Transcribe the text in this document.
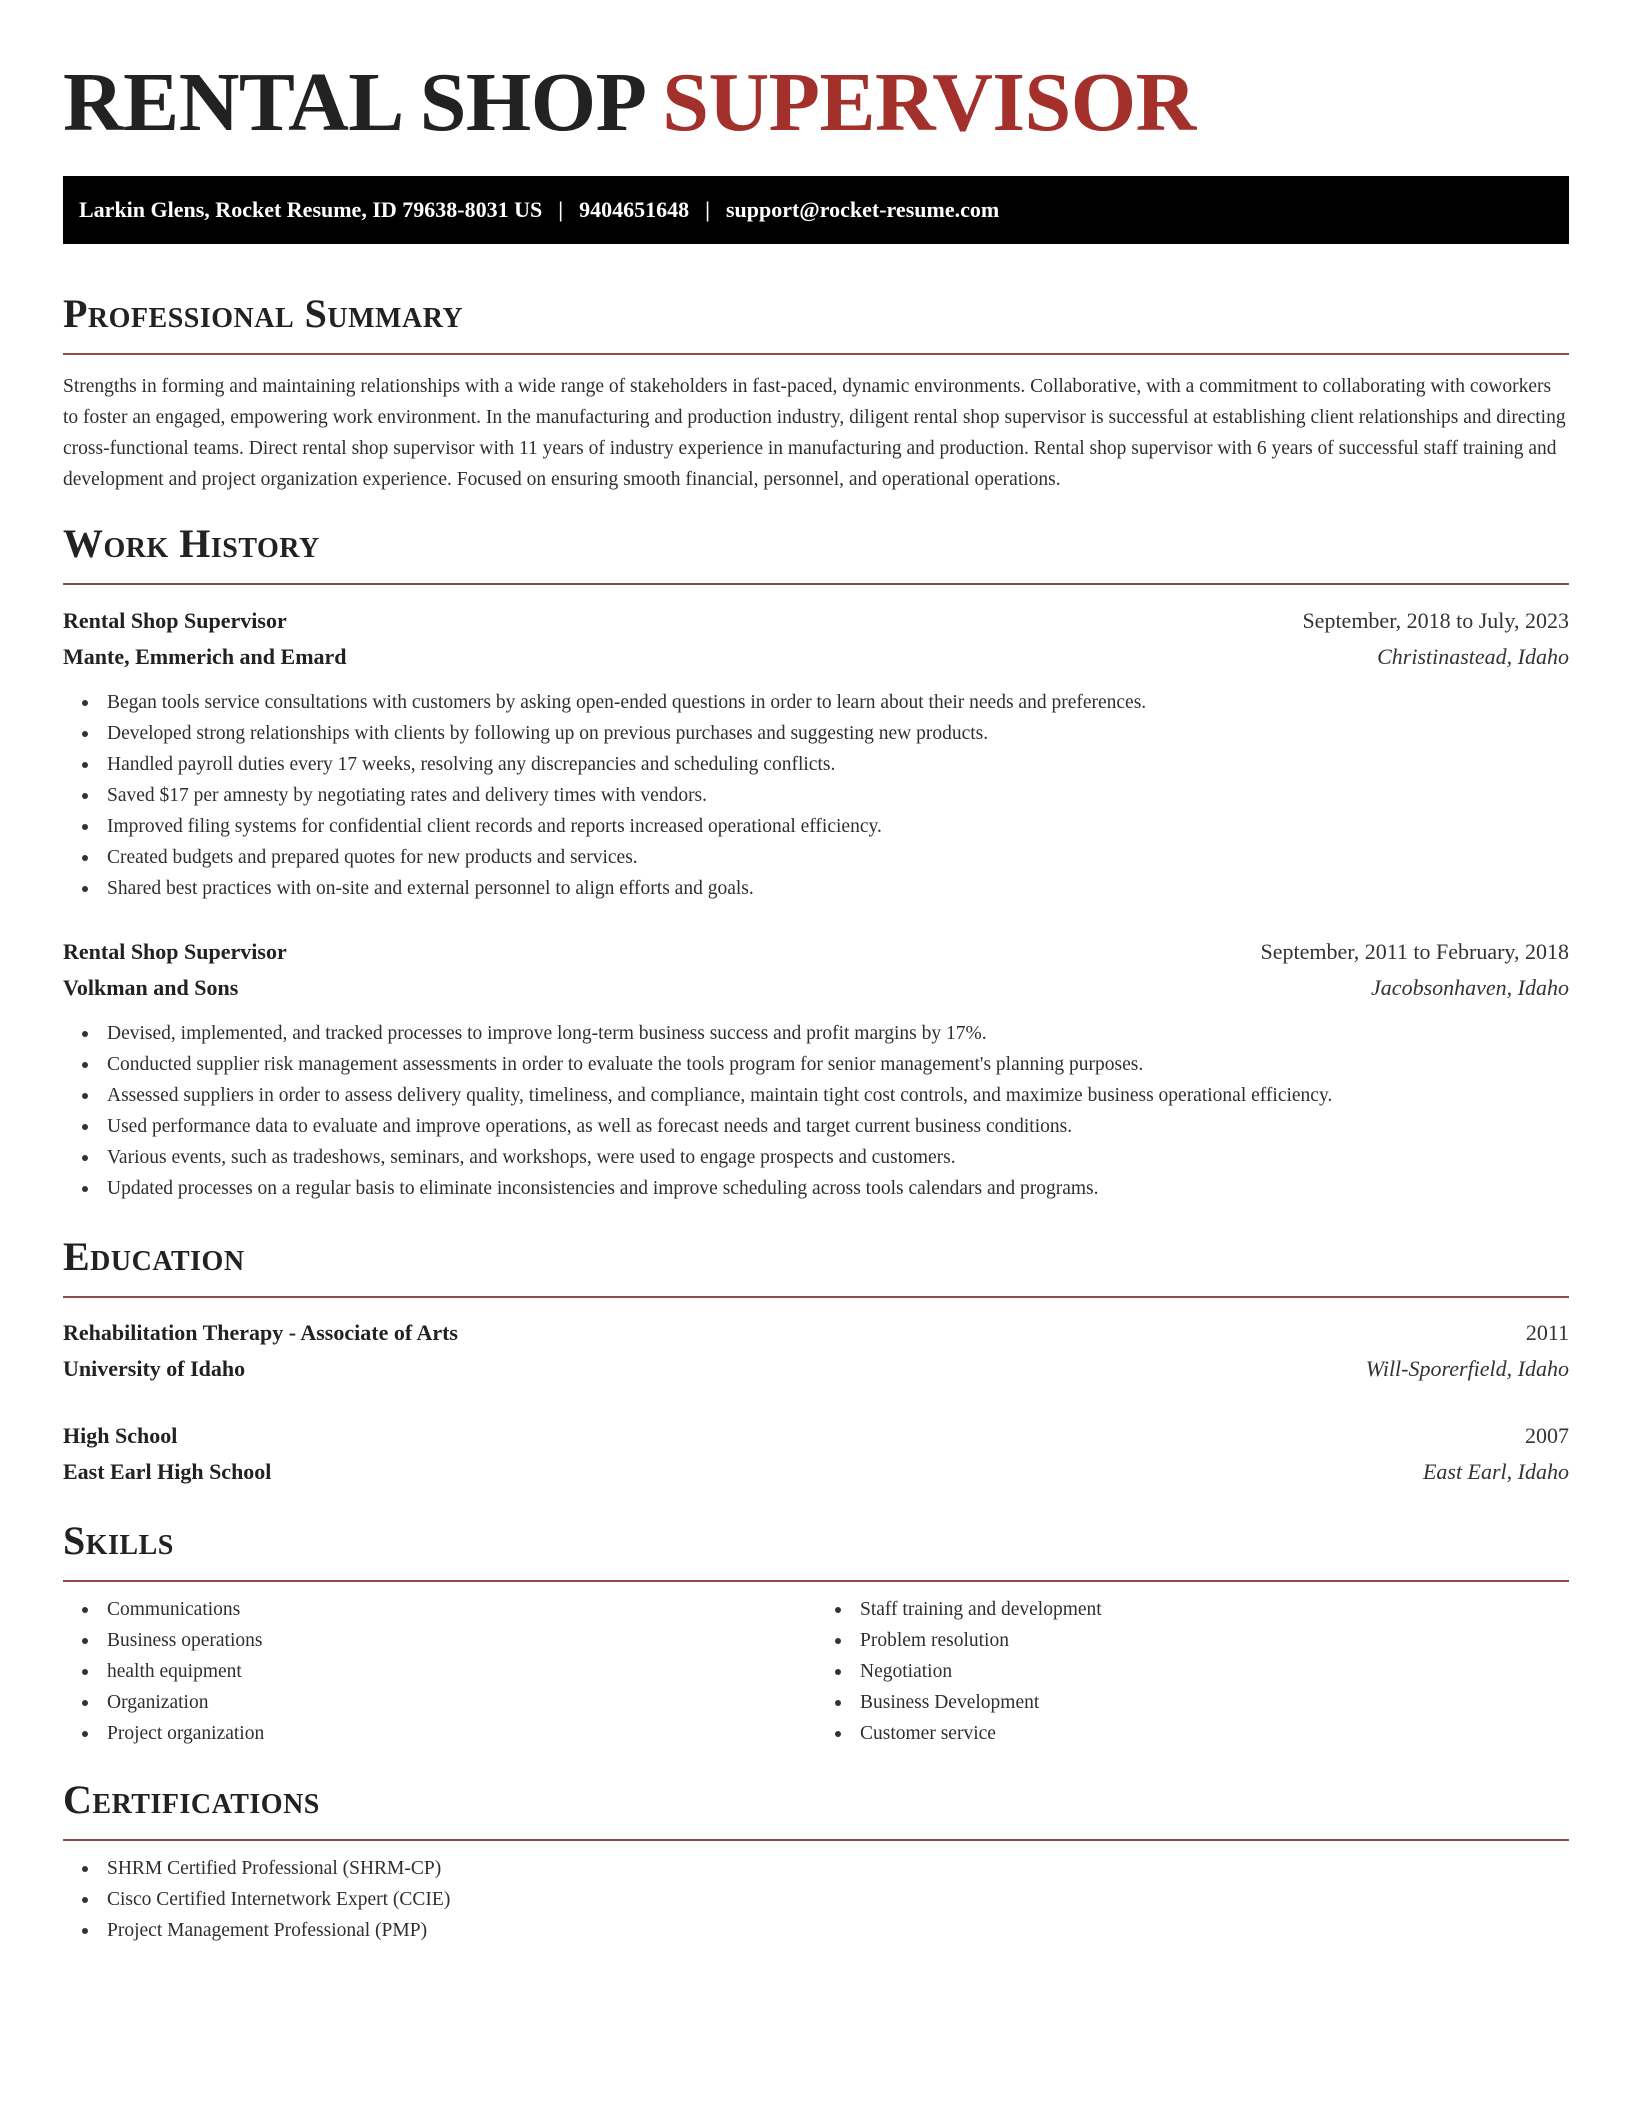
RENTAL SHOP SUPERVISOR
Larkin Glens, Rocket Resume, ID 79638-8031 US | 9404651648 | support@rocket-resume.com
Professional Summary

Strengths in forming and maintaining relationships with a wide range of stakeholders in fast-paced, dynamic environments. Collaborative, with a commitment to collaborating with coworkers to foster an engaged, empowering work environment. In the manufacturing and production industry, diligent rental shop supervisor is successful at establishing client relationships and directing cross-functional teams. Direct rental shop supervisor with 11 years of industry experience in manufacturing and production. Rental shop supervisor with 6 years of successful staff training and development and project organization experience. Focused on ensuring smooth financial, personnel, and operational operations.

Work History
Rental Shop Supervisor	September, 2018 to July, 2023
Mante, Emmerich and Emard	Christinastead, Idaho
Began tools service consultations with customers by asking open-ended questions in order to learn about their needs and preferences.
Developed strong relationships with clients by following up on previous purchases and suggesting new products.
Handled payroll duties every 17 weeks, resolving any discrepancies and scheduling conflicts.
Saved $17 per amnesty by negotiating rates and delivery times with vendors.
Improved filing systems for confidential client records and reports increased operational efficiency.
Created budgets and prepared quotes for new products and services.
Shared best practices with on-site and external personnel to align efforts and goals.
Rental Shop Supervisor	September, 2011 to February, 2018
Volkman and Sons	Jacobsonhaven, Idaho
Devised, implemented, and tracked processes to improve long-term business success and profit margins by 17%.
Conducted supplier risk management assessments in order to evaluate the tools program for senior management's planning purposes.
Assessed suppliers in order to assess delivery quality, timeliness, and compliance, maintain tight cost controls, and maximize business operational efficiency.
Used performance data to evaluate and improve operations, as well as forecast needs and target current business conditions.
Various events, such as tradeshows, seminars, and workshops, were used to engage prospects and customers.
Updated processes on a regular basis to eliminate inconsistencies and improve scheduling across tools calendars and programs.
Education
Rehabilitation Therapy - Associate of Arts	2011
University of Idaho	Will-Sporerfield, Idaho
High School	2007
East Earl High School	East Earl, Idaho
Skills
Communications
Business operations
health equipment
Organization
Project organization
Staff training and development
Problem resolution
Negotiation
Business Development
Customer service
Certifications
SHRM Certified Professional (SHRM-CP)
Cisco Certified Internetwork Expert (CCIE)
Project Management Professional (PMP)
